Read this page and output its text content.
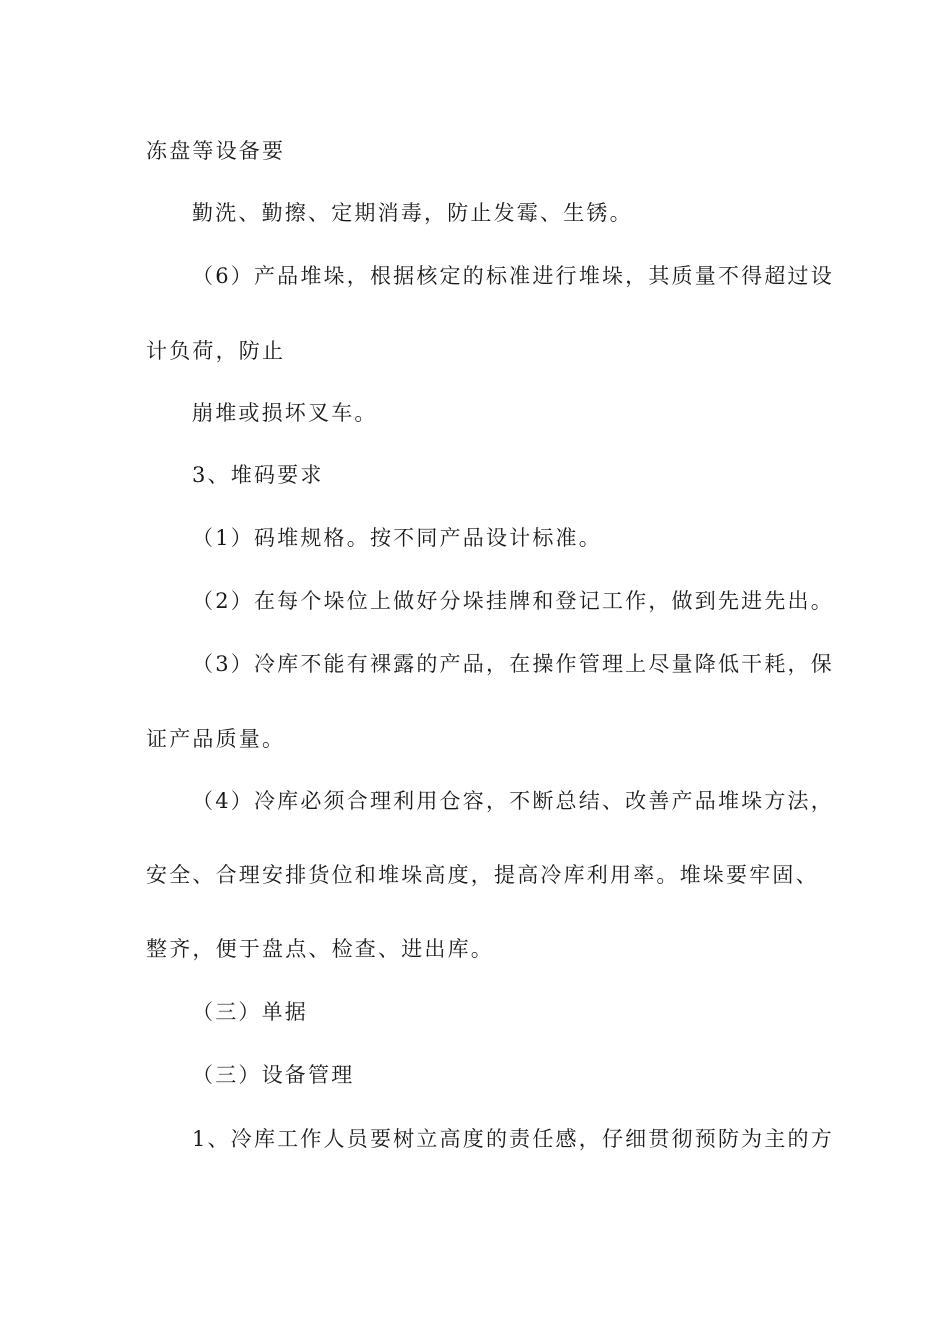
冻盘等设备要
勤洗、勤擦、定期消毒，防止发霉、生锈。
（6）产品堆垛，根据核定的标准进行堆垛，其质量不得超过设
计负荷，防止
崩堆或损坏叉车。
3、堆码要求
（1）码堆规格。按不同产品设计标准。
（2）在每个垛位上做好分垛挂牌和登记工作，做到先进先出。
（3）冷库不能有裸露的产品，在操作管理上尽量降低干耗，保
证产品质量。
（4）冷库必须合理利用仓容，不断总结、改善产品堆垛方法，
安全、合理安排货位和堆垛高度，提高冷库利用率。堆垛要牢固、
整齐，便于盘点、检查、进出库。
（三）单据
（三）设备管理
1、冷库工作人员要树立高度的责任感，仔细贯彻预防为主的方
